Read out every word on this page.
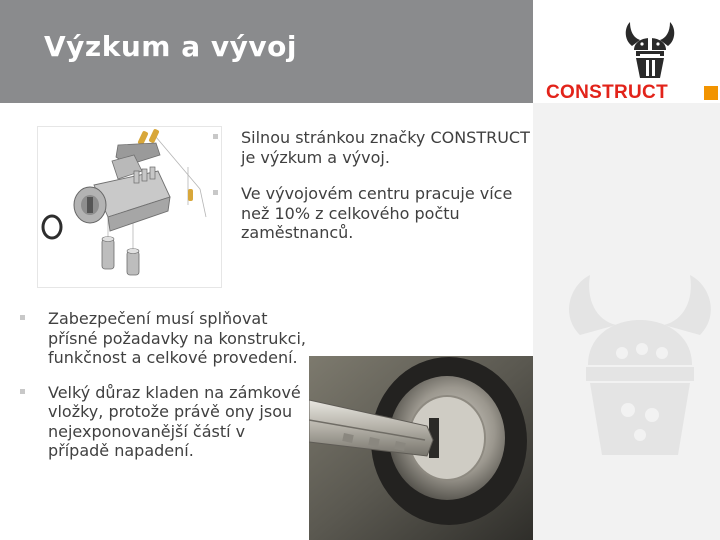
Výzkum a vývoj
CONSTRUCT
Silnou stránkou značky CONSTRUCT je výzkum a vývoj.
Ve vývojovém centru pracuje více než 10% z celkového počtu zaměstnanců.
Zabezpečení musí splňovat přísné požadavky na konstrukci, funkčnost a celkové provedení.
Velký důraz kladen na zámkové vložky, protože právě ony jsou nejexponovanější částí v případě napadení.
